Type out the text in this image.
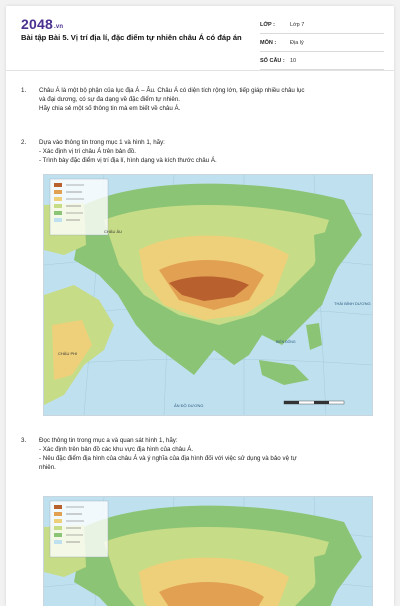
2048.vn
Bài tập Bài 5. Vị trí địa lí, đặc điểm tự nhiên châu Á có đáp án
LỚP :	Lớp 7
MÔN :	Địa lý
SỐ CÂU : 10
1.	Châu Á là một bộ phận của lục địa Á – Âu. Châu Á có diện tích rộng lớn, tiếp giáp nhiều châu lục

và đại dương, có sự đa dạng về đặc điểm tự nhiên.

Hãy chia sẻ một số thông tin mà em biết về châu Á.

2.	Dựa vào thông tin trong mục 1 và hình 1, hãy:

- Xác định vị trí châu Á trên bản đồ.

- Trình bày đặc điểm vị trí địa lí, hình dạng và kích thước châu Á.

CHÂU ÂU
CHÂU PHI
THÁI BÌNH DƯƠNG
ẤN ĐỘ DƯƠNG
BIỂN ĐÔNG
3.	Đọc thông tin trong mục a và quan sát hình 1, hãy:

- Xác định trên bản đồ các khu vực địa hình của châu Á.

- Nêu đặc điểm địa hình của châu Á và ý nghĩa của địa hình đối với việc sử dụng và bảo vệ tự

nhiên.
